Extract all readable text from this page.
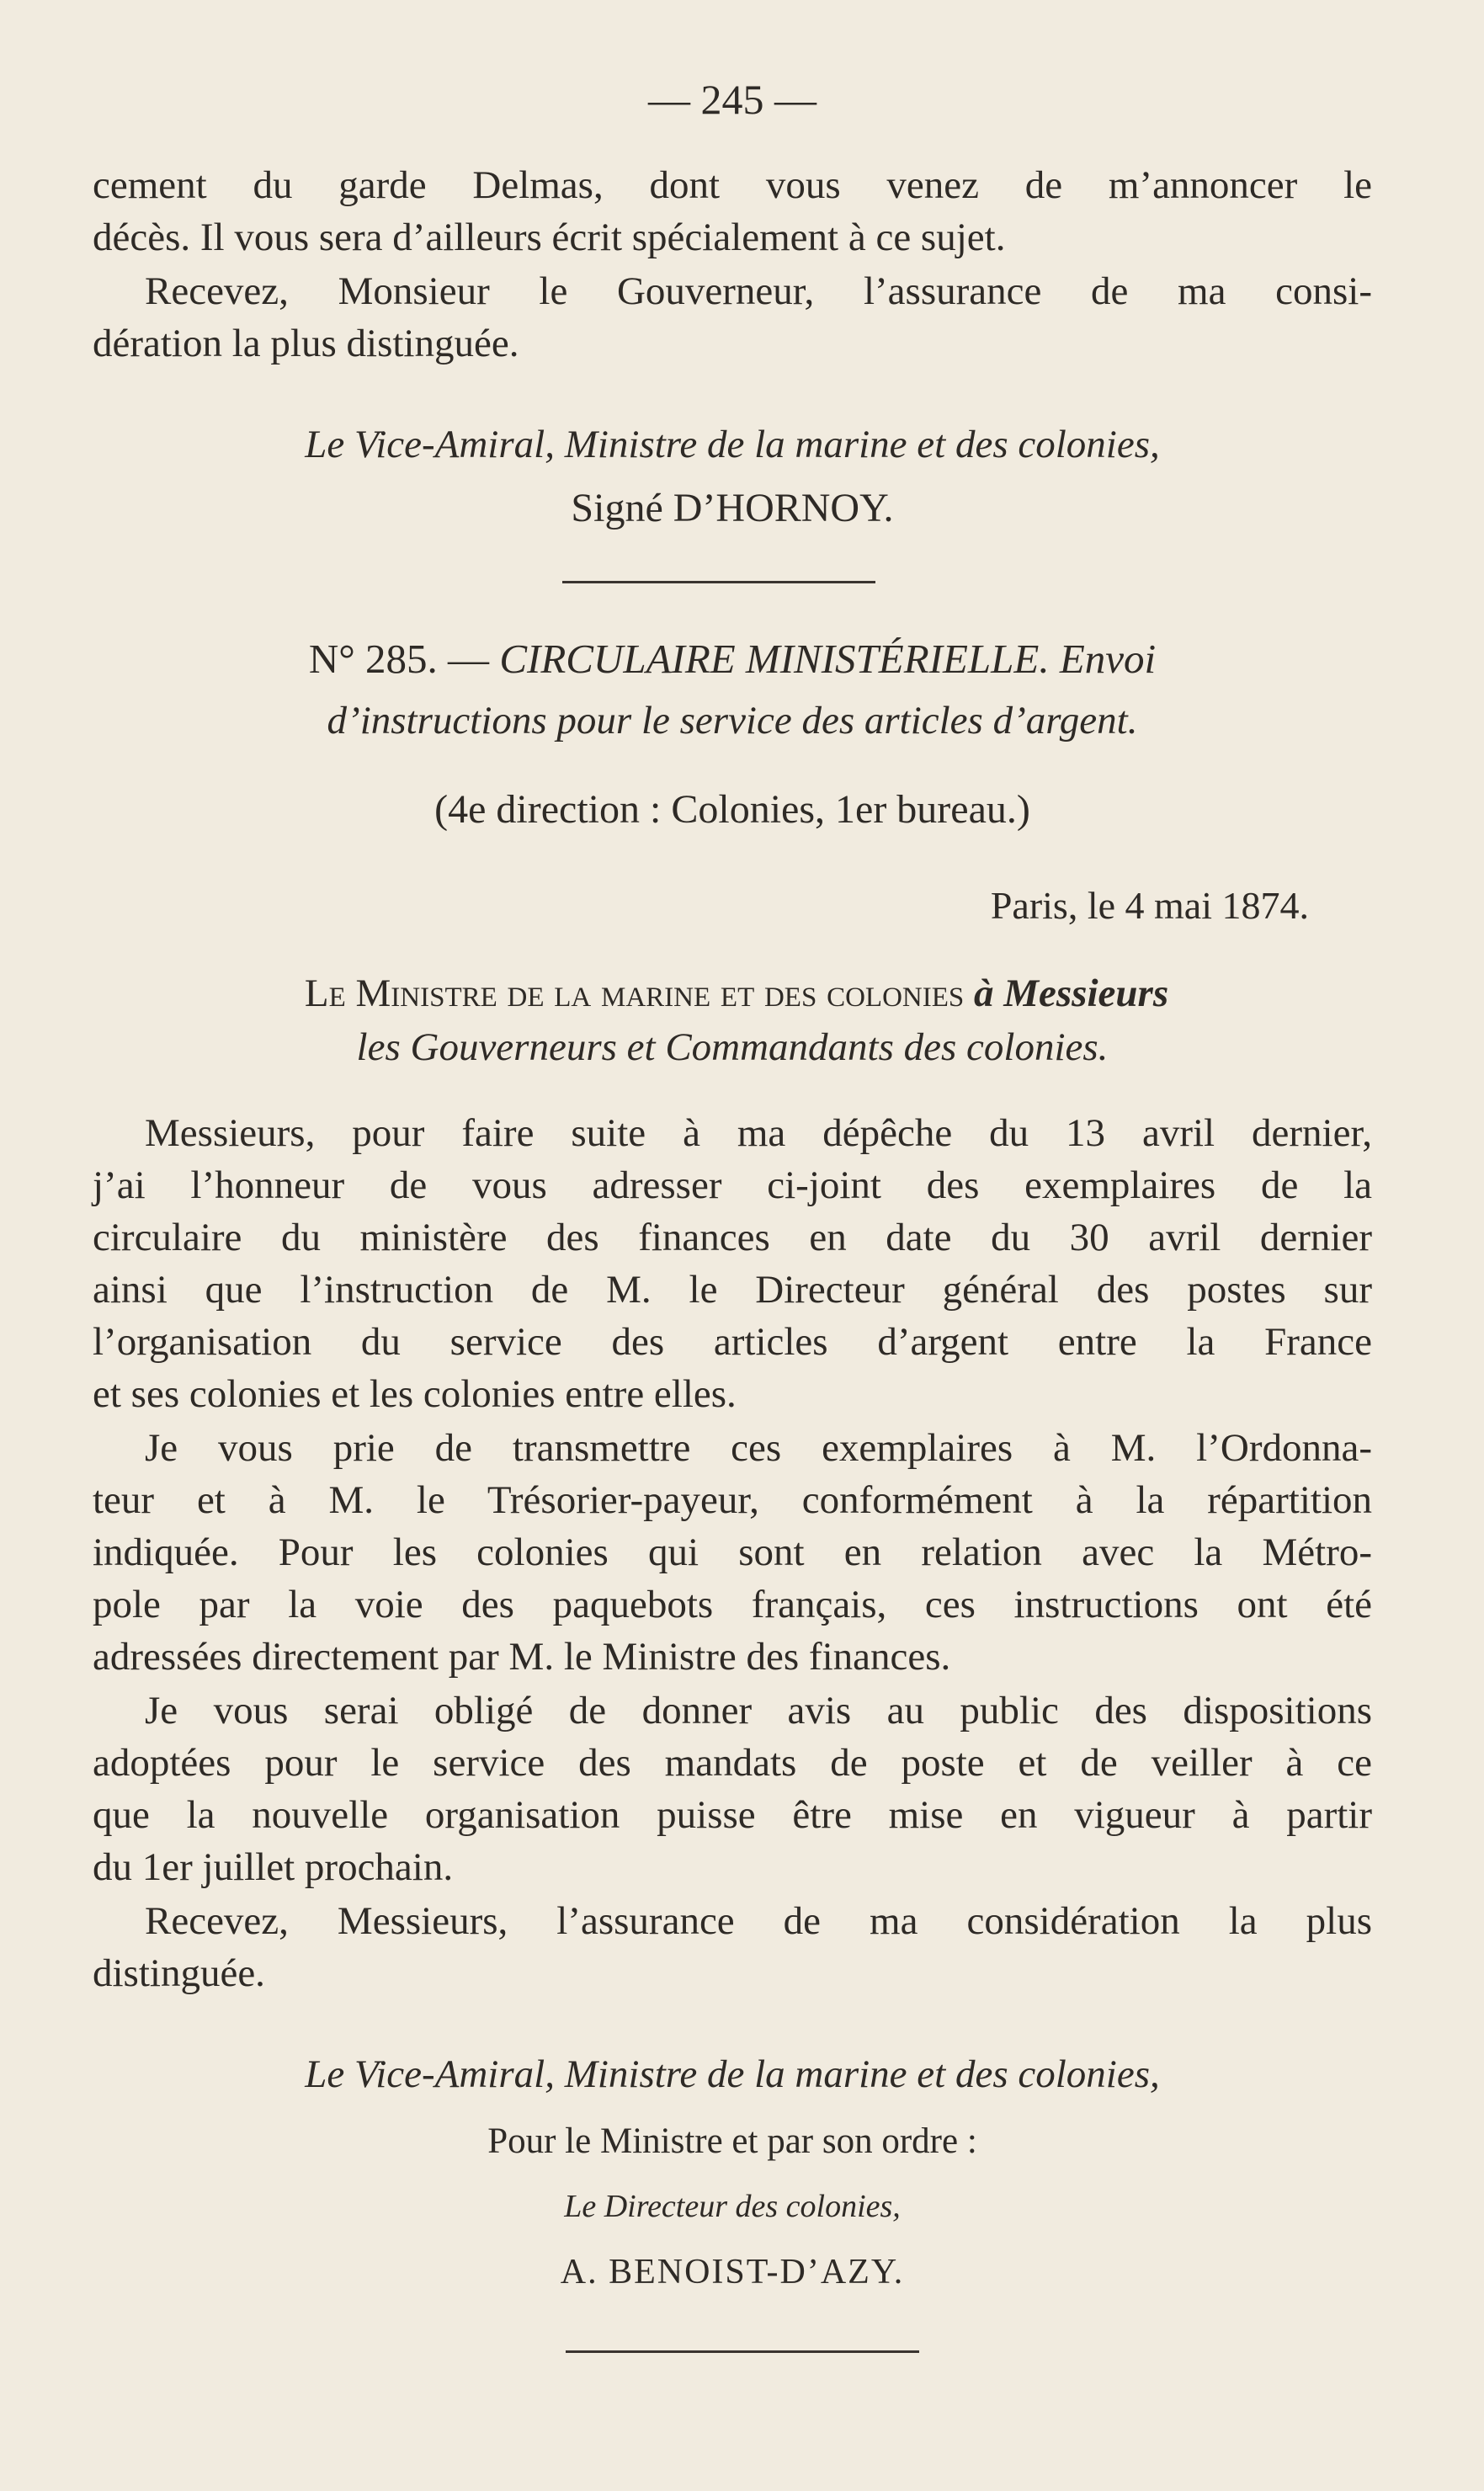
— 245 —
cement du garde Delmas, dont vous venez de m’annoncer le
décès. Il vous sera d’ailleurs écrit spécialement à ce sujet.
Recevez, Monsieur le Gouverneur, l’assurance de ma consi-
dération la plus distinguée.
Le Vice-Amiral, Ministre de la marine et des colonies,
Signé D’HORNOY.
N° 285. — CIRCULAIRE MINISTÉRIELLE. Envoi
d’instructions pour le service des articles d’argent.
(4e direction : Colonies, 1er bureau.)
Paris, le 4 mai 1874.
Le Ministre de la marine et des colonies à Messieurs
les Gouverneurs et Commandants des colonies.
Messieurs, pour faire suite à ma dépêche du 13 avril dernier,
j’ai l’honneur de vous adresser ci-joint des exemplaires de la
circulaire du ministère des finances en date du 30 avril dernier
ainsi que l’instruction de M. le Directeur général des postes sur
l’organisation du service des articles d’argent entre la France
et ses colonies et les colonies entre elles.
Je vous prie de transmettre ces exemplaires à M. l’Ordonna-
teur et à M. le Trésorier-payeur, conformément à la répartition
indiquée. Pour les colonies qui sont en relation avec la Métro-
pole par la voie des paquebots français, ces instructions ont été
adressées directement par M. le Ministre des finances.
Je vous serai obligé de donner avis au public des dispositions
adoptées pour le service des mandats de poste et de veiller à ce
que la nouvelle organisation puisse être mise en vigueur à partir
du 1er juillet prochain.
Recevez, Messieurs, l’assurance de ma considération la plus
distinguée.
Le Vice-Amiral, Ministre de la marine et des colonies,
Pour le Ministre et par son ordre :
Le Directeur des colonies,
A. BENOIST-D’AZY.
